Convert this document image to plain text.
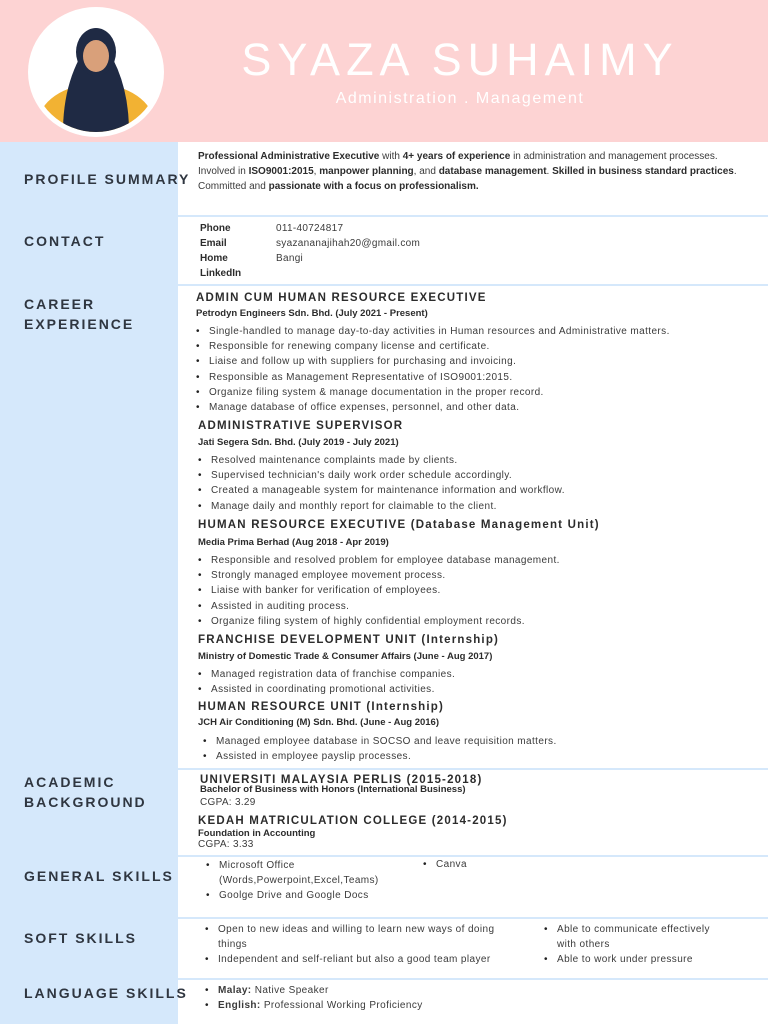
SYAZA SUHAIMY
Administration . Management
PROFILE SUMMARY
CONTACT
CAREER
EXPERIENCE
ACADEMIC
BACKGROUND
GENERAL SKILLS
SOFT SKILLS
LANGUAGE SKILLS
Professional Administrative Executive with 4+ years of experience in administration and management processes. Involved in ISO9001:2015, manpower planning, and database management. Skilled in business standard practices. Committed and passionate with a focus on professionalism.
Phone	011-40724817
Email	syazananajihah20@gmail.com
Home	Bangi
LinkedIn
ADMIN CUM HUMAN RESOURCE EXECUTIVE
Petrodyn Engineers Sdn. Bhd. (July 2021 - Present)
• Single-handled to manage day-to-day activities in Human resources and Administrative matters.
• Responsible for renewing company license and certificate.
• Liaise and follow up with suppliers for purchasing and invoicing.
• Responsible as Management Representative of ISO9001:2015.
• Organize filing system & manage documentation in the proper record.
• Manage database of office expenses, personnel, and other data.
ADMINISTRATIVE SUPERVISOR
Jati Segera Sdn. Bhd. (July 2019 - July 2021)
• Resolved maintenance complaints made by clients.
• Supervised technician's daily work order schedule accordingly.
• Created a manageable system for maintenance information and workflow.
• Manage daily and monthly report for claimable to the client.
HUMAN RESOURCE EXECUTIVE (Database Management Unit)
Media Prima Berhad (Aug 2018 - Apr 2019)
• Responsible and resolved problem for employee database management.
• Strongly managed employee movement process.
• Liaise with banker for verification of employees.
• Assisted in auditing process.
• Organize filing system of highly confidential employment records.
FRANCHISE DEVELOPMENT UNIT (Internship)
Ministry of Domestic Trade & Consumer Affairs (June - Aug 2017)
• Managed registration data of franchise companies.
• Assisted in coordinating promotional activities.
HUMAN RESOURCE UNIT (Internship)
JCH Air Conditioning (M) Sdn. Bhd. (June - Aug 2016)
• Managed employee database in SOCSO and leave requisition matters.
• Assisted in employee payslip processes.
UNIVERSITI MALAYSIA PERLIS (2015-2018)
Bachelor of Business with Honors (International Business)
CGPA: 3.29
KEDAH MATRICULATION COLLEGE (2014-2015)
Foundation in Accounting
CGPA: 3.33
• Microsoft Office
(Words,Powerpoint,Excel,Teams)
• Goolge Drive and Google Docs
• Canva
• Open to new ideas and willing to learn new ways of doing
things
• Independent and self-reliant but also a good team player
• Able to communicate effectively
with others
• Able to work under pressure
• Malay: Native Speaker
• English: Professional Working Proficiency
